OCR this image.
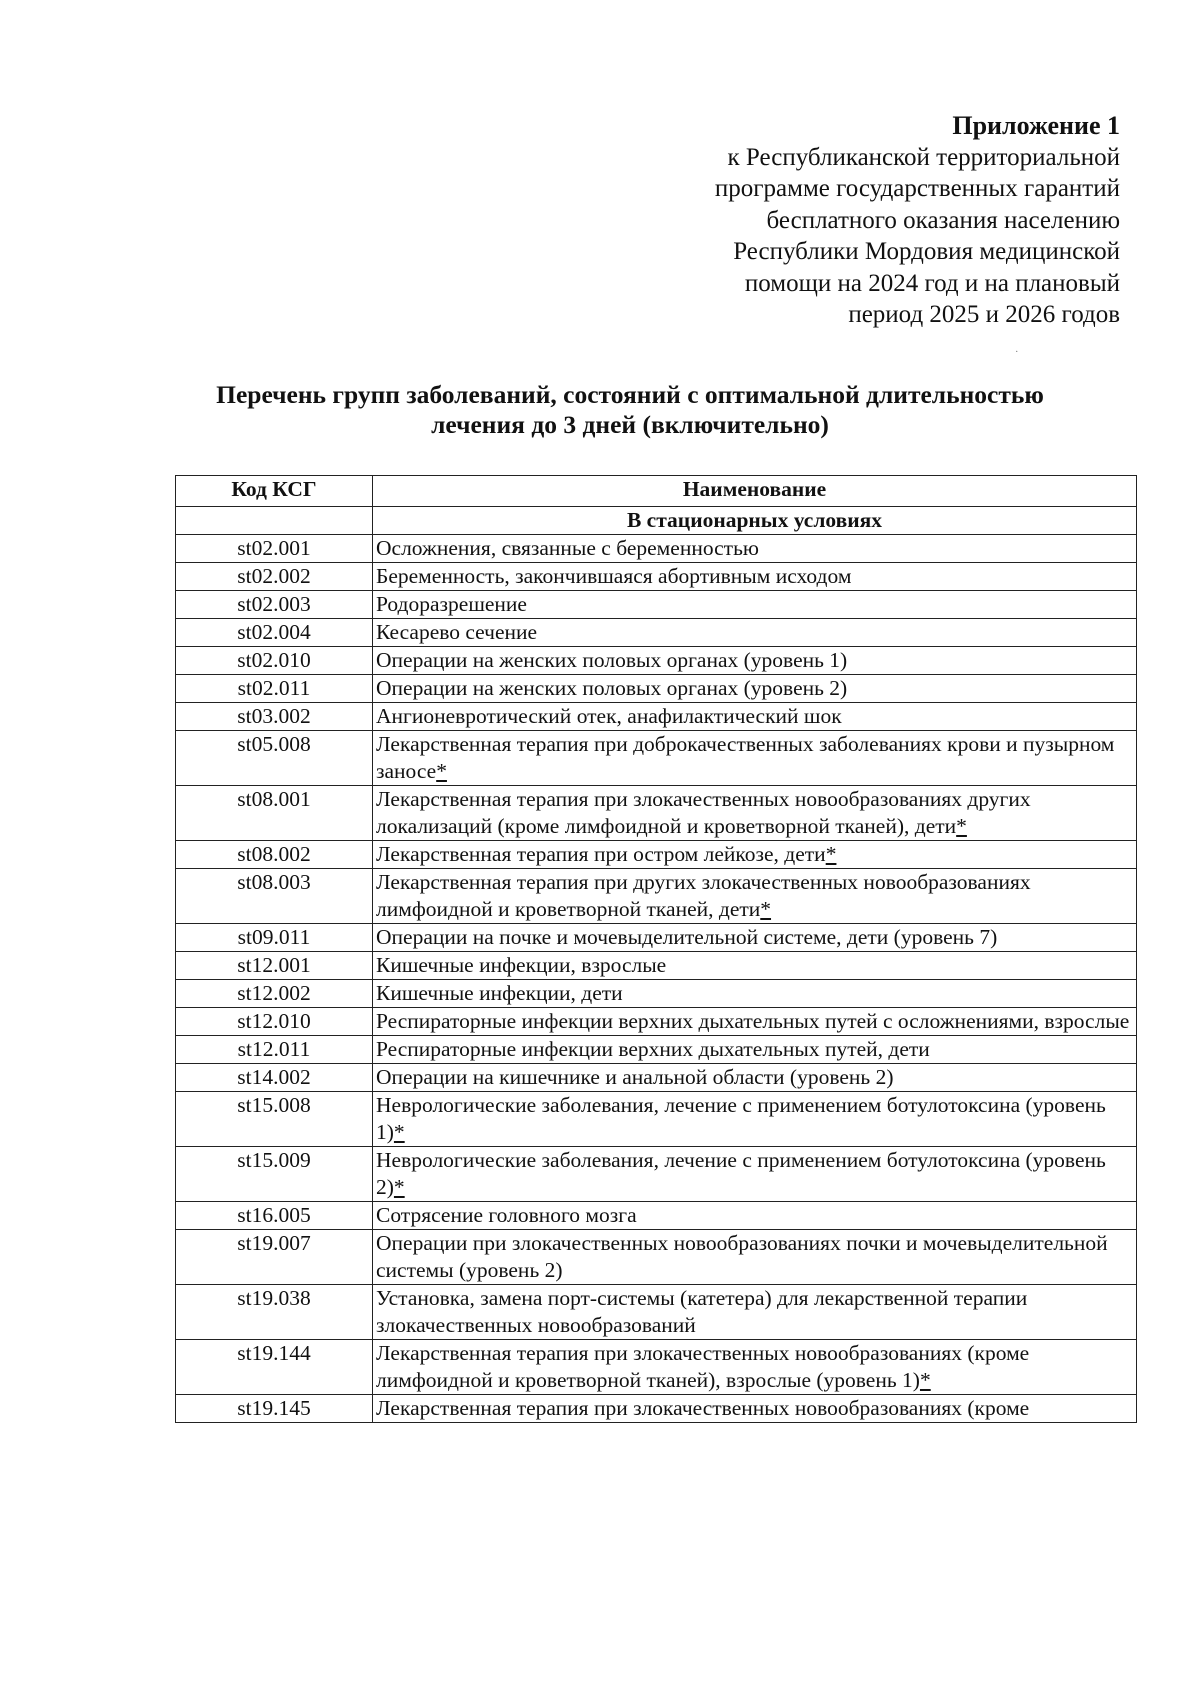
Приложение 1
к Республиканской территориальной
программе государственных гарантий
бесплатного оказания населению
Республики Мордовия медицинской
помощи на 2024 год и на плановый
период 2025 и 2026 годов
.
Перечень групп заболеваний, состояний с оптимальной длительностью
лечения до 3 дней (включительно)
Код КСГ	Наименование
	В стационарных условиях
st02.001	Осложнения, связанные с беременностью
st02.002	Беременность, закончившаяся абортивным исходом
st02.003	Родоразрешение
st02.004	Кесарево сечение
st02.010	Операции на женских половых органах (уровень 1)
st02.011	Операции на женских половых органах (уровень 2)
st03.002	Ангионевротический отек, анафилактический шок
st05.008	Лекарственная терапия при доброкачественных заболеваниях крови и пузырном заносе*
st08.001	Лекарственная терапия при злокачественных новообразованиях других локализаций (кроме лимфоидной и кроветворной тканей), дети*
st08.002	Лекарственная терапия при остром лейкозе, дети*
st08.003	Лекарственная терапия при других злокачественных новообразованиях лимфоидной и кроветворной тканей, дети*
st09.011	Операции на почке и мочевыделительной системе, дети (уровень 7)
st12.001	Кишечные инфекции, взрослые
st12.002	Кишечные инфекции, дети
st12.010	Респираторные инфекции верхних дыхательных путей с осложнениями, взрослые
st12.011	Респираторные инфекции верхних дыхательных путей, дети
st14.002	Операции на кишечнике и анальной области (уровень 2)
st15.008	Неврологические заболевания, лечение с применением ботулотоксина (уровень 1)*
st15.009	Неврологические заболевания, лечение с применением ботулотоксина (уровень 2)*
st16.005	Сотрясение головного мозга
st19.007	Операции при злокачественных новообразованиях почки и мочевыделительной системы (уровень 2)
st19.038	Установка, замена порт-системы (катетера) для лекарственной терапии злокачественных новообразований
st19.144	Лекарственная терапия при злокачественных новообразованиях (кроме лимфоидной и кроветворной тканей), взрослые (уровень 1)*
st19.145	Лекарственная терапия при злокачественных новообразованиях (кроме
